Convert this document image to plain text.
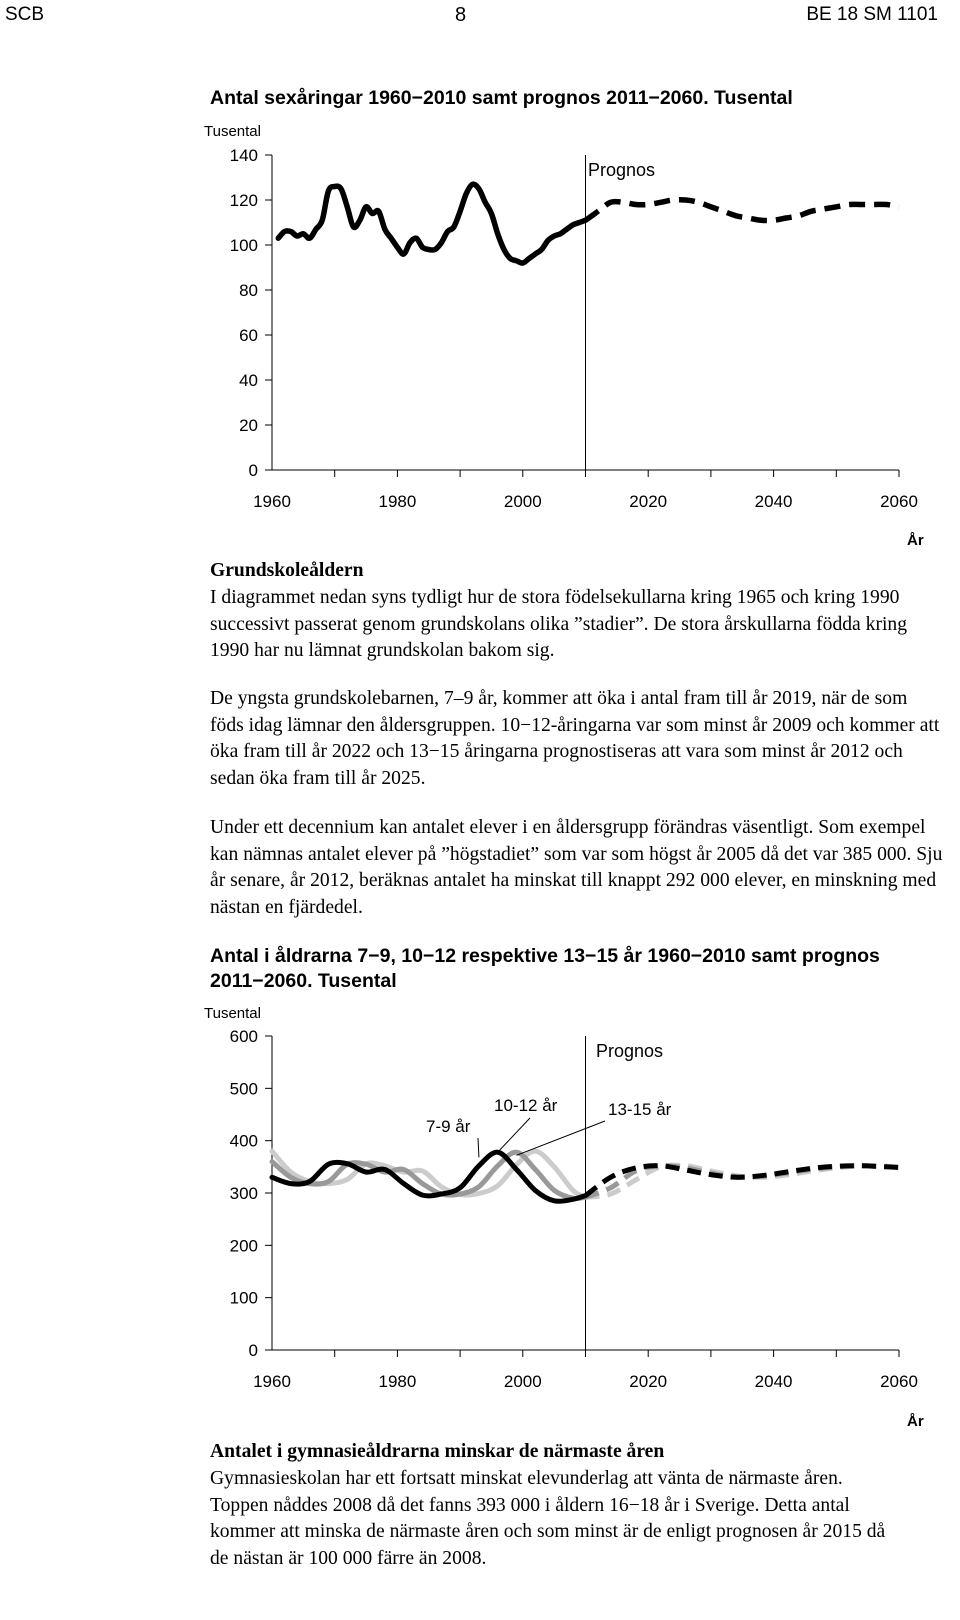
SCB	8	BE 18 SM 1101
Antal sexåringar 1960−2010 samt prognos 2011−2060. Tusental
0
20
40
60
80
100
120
140
1960	1980	2000	2020	2040	2060
Tusental
År
Prognos
Grundskoleåldern

I diagrammet nedan syns tydligt hur de stora födelsekullarna kring 1965 och kring 1990 successivt passerat genom grundskolans olika ”stadier”. De stora årskullarna födda kring 1990 har nu lämnat grundskolan bakom sig.

De yngsta grundskolebarnen, 7–9 år, kommer att öka i antal fram till år 2019, när de som föds idag lämnar den åldersgruppen. 10−12-åringarna var som minst år 2009 och kommer att öka fram till år 2022 och 13−15 åringarna prognostiseras att vara som minst år 2012 och sedan öka fram till år 2025.

Under ett decennium kan antalet elever i en åldersgrupp förändras väsentligt. Som exempel kan nämnas antalet elever på ”högstadiet” som var som högst år 2005 då det var 385 000. Sju år senare, år 2012, beräknas antalet ha minskat till knappt 292 000 elever, en minskning med nästan en fjärdedel.

Antal i åldrarna 7−9, 10−12 respektive 13−15 år 1960−2010 samt prognos 2011−2060. Tusental
0
100
200
300
400
500
600
1960	1980	2000	2020	2040	2060
Tusental
År
Prognos
7-9 år
10-12 år	13-15 år
Antalet i gymnasieåldrarna minskar de närmaste åren

Gymnasieskolan har ett fortsatt minskat elevunderlag att vänta de närmaste åren. Toppen nåddes 2008 då det fanns 393 000 i åldern 16−18 år i Sverige. Detta antal kommer att minska de närmaste åren och som minst är de enligt prognosen år 2015 då de nästan är 100 000 färre än 2008.
